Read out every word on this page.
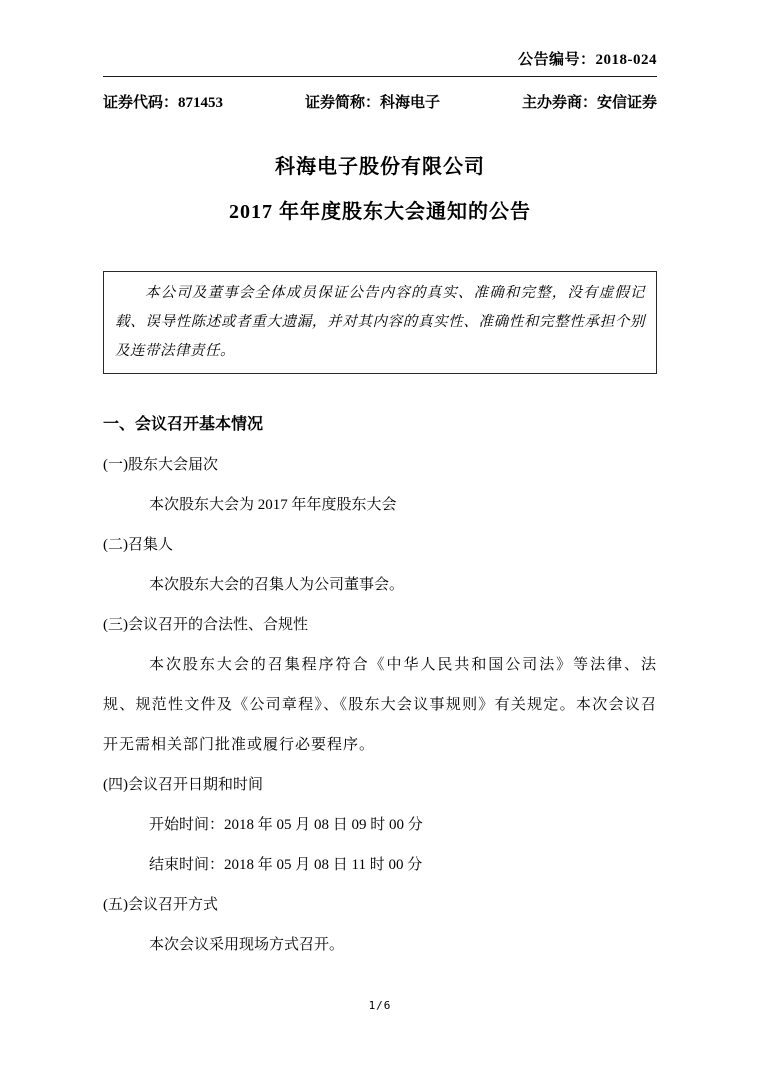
公告编号：2018-024
证券代码：871453	证券简称：科海电子	主办券商：安信证券
科海电子股份有限公司
2017 年年度股东大会通知的公告

本公司及董事会全体成员保证公告内容的真实、准确和完整，没有虚假记载、误导性陈述或者重大遗漏，并对其内容的真实性、准确性和完整性承担个别及连带法律责任。

一、会议召开基本情况

(一)股东大会届次

本次股东大会为 2017 年年度股东大会

(二)召集人

本次股东大会的召集人为公司董事会。

(三)会议召开的合法性、合规性

本次股东大会的召集程序符合《中华人民共和国公司法》等法律、法规、规范性文件及《公司章程》、《股东大会议事规则》有关规定。本次会议召开无需相关部门批准或履行必要程序。

(四)会议召开日期和时间

开始时间：2018 年 05 月 08 日 09 时 00 分

结束时间：2018 年 05 月 08 日 11 时 00 分

(五)会议召开方式

本次会议采用现场方式召开。

1/6
